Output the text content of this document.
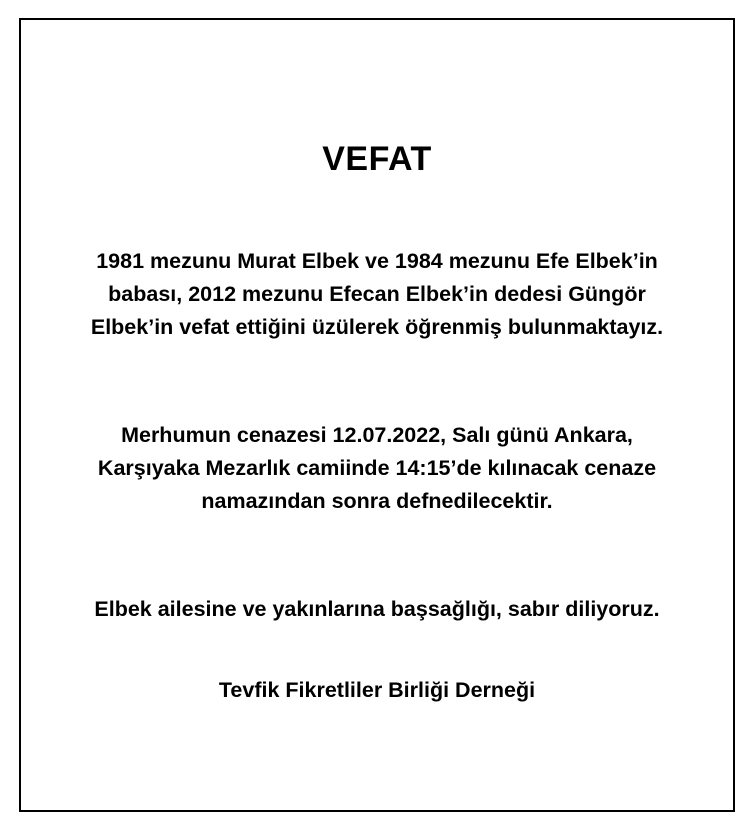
VEFAT
1981 mezunu Murat Elbek ve 1984 mezunu Efe Elbek’in
babası, 2012 mezunu Efecan Elbek’in dedesi Güngör
Elbek’in vefat ettiğini üzülerek öğrenmiş bulunmaktayız.
Merhumun cenazesi 12.07.2022, Salı günü Ankara,
Karşıyaka Mezarlık camiinde 14:15’de kılınacak cenaze
namazından sonra defnedilecektir.
Elbek ailesine ve yakınlarına başsağlığı, sabır diliyoruz.
Tevfik Fikretliler Birliği Derneği
